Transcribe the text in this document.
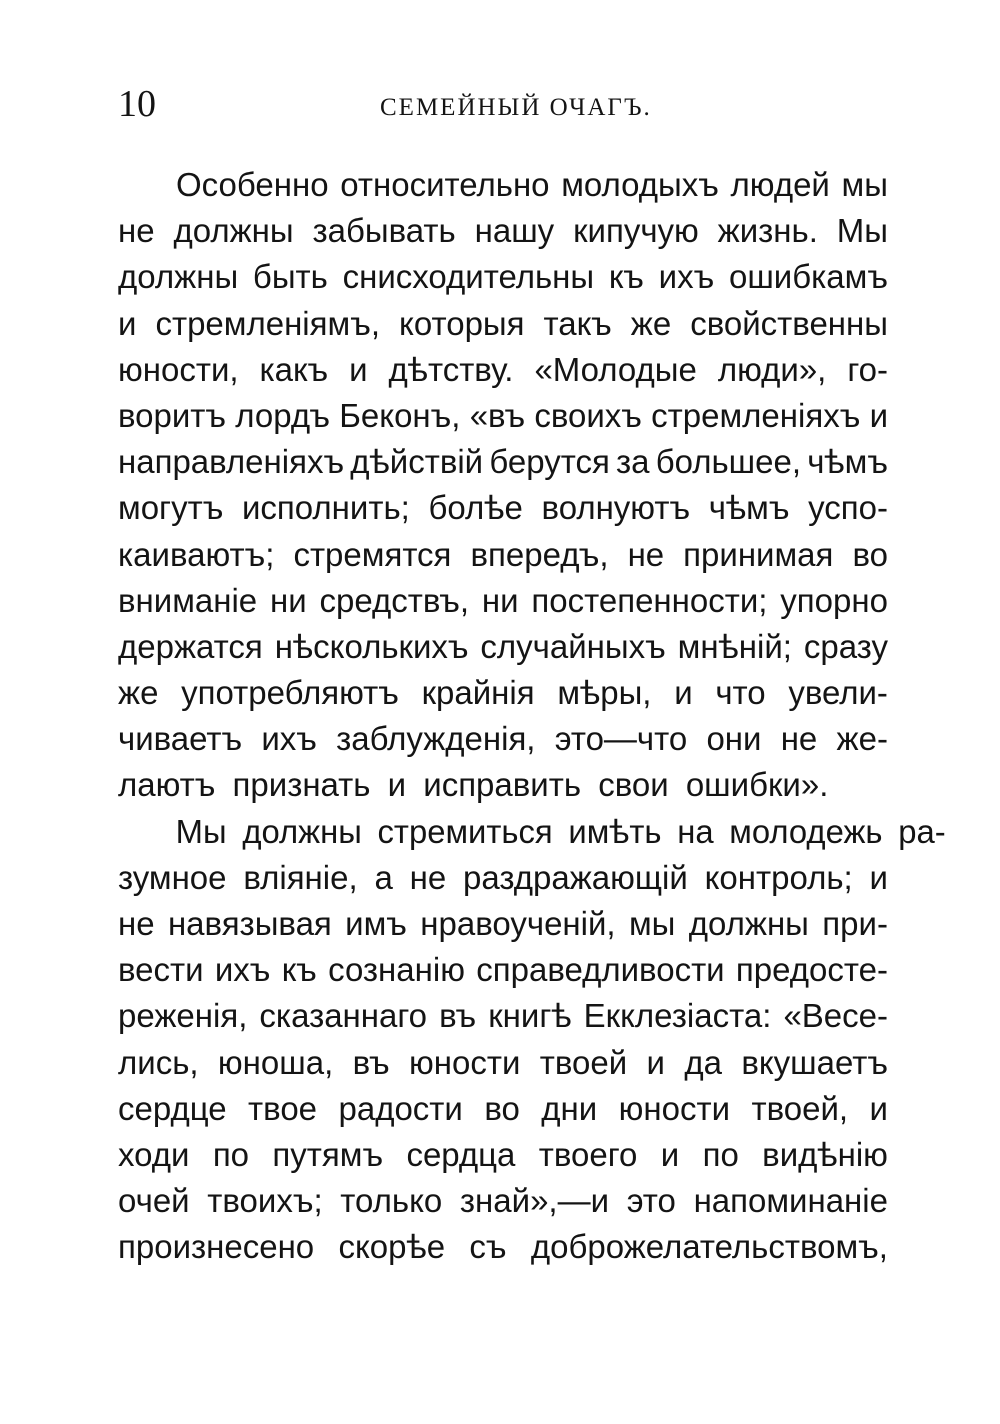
10	СЕМЕЙНЫЙ ОЧАГЪ.
Особенно относительно молодыхъ людей мы
не должны забывать нашу кипучую жизнь. Мы
должны быть снисходительны къ ихъ ошибкамъ
и стремленіямъ, которыя такъ же свойственны
юности, какъ и дѣтству. «Молодые люди», го-
воритъ лордъ Беконъ, «въ своихъ стремленіяхъ и
направленіяхъ дѣйствій берутся за большее, чѣмъ
могутъ исполнить; болѣе волнуютъ чѣмъ успо-
каиваютъ; стремятся впередъ, не принимая во
вниманіе ни средствъ, ни постепенности; упорно
держатся нѣсколькихъ случайныхъ мнѣній; сразу
же употребляютъ крайнія мѣры, и что увели-
чиваетъ ихъ заблужденія, это—что они не же-
лаютъ признать и исправить свои ошибки».
Мы должны стремиться имѣть на молодежь ра-
зумное вліяніе, а не раздражающій контроль; и
не навязывая имъ нравоученій, мы должны при-
вести ихъ къ сознанію справедливости предосте-
реженія, сказаннаго въ книгѣ Екклезіаста: «Весе-
лись, юноша, въ юности твоей и да вкушаетъ
сердце твое радости во дни юности твоей, и
ходи по путямъ сердца твоего и по видѣнію
очей твоихъ; только знай»,—и это напоминаніе
произнесено скорѣе съ доброжелательствомъ,
